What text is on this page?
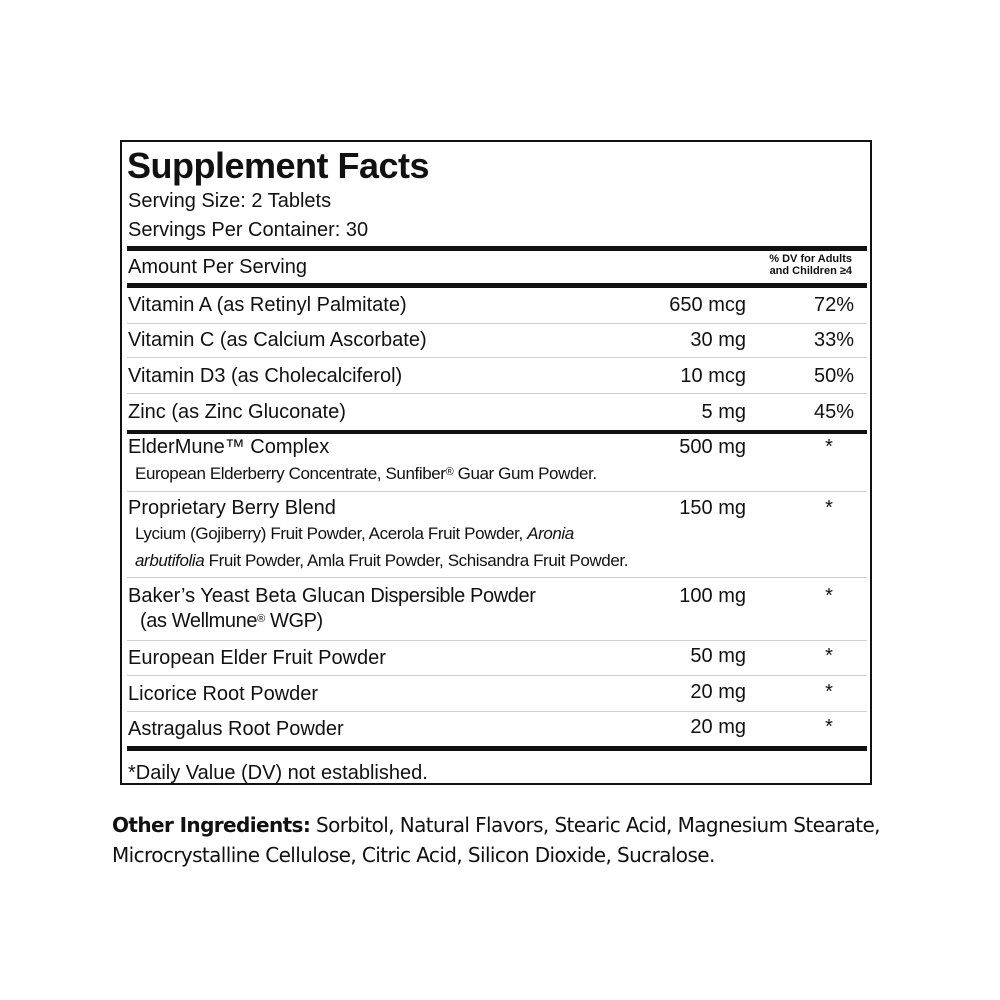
Supplement Facts
Serving Size: 2 Tablets
Servings Per Container: 30
Amount Per Serving	% DV for Adults
and Children ≥4
Vitamin A (as Retinyl Palmitate)	650 mcg	72%
Vitamin C (as Calcium Ascorbate)	30 mg	33%
Vitamin D3 (as Cholecalciferol)	10 mcg	50%
Zinc (as Zinc Gluconate)	5 mg	45%
ElderMune™ Complex	500 mg	*
European Elderberry Concentrate, Sunfiber® Guar Gum Powder.
Proprietary Berry Blend	150 mg	*
Lycium (Gojiberry) Fruit Powder, Acerola Fruit Powder, Aronia
arbutifolia Fruit Powder, Amla Fruit Powder, Schisandra Fruit Powder.
Baker’s Yeast Beta Glucan Dispersible Powder	100 mg	*
(as Wellmune® WGP)
European Elder Fruit Powder	50 mg	*
Licorice Root Powder	20 mg	*
Astragalus Root Powder	20 mg	*
*Daily Value (DV) not established.
Other Ingredients: Sorbitol, Natural Flavors, Stearic Acid, Magnesium Stearate, Microcrystalline Cellulose, Citric Acid, Silicon Dioxide, Sucralose.
